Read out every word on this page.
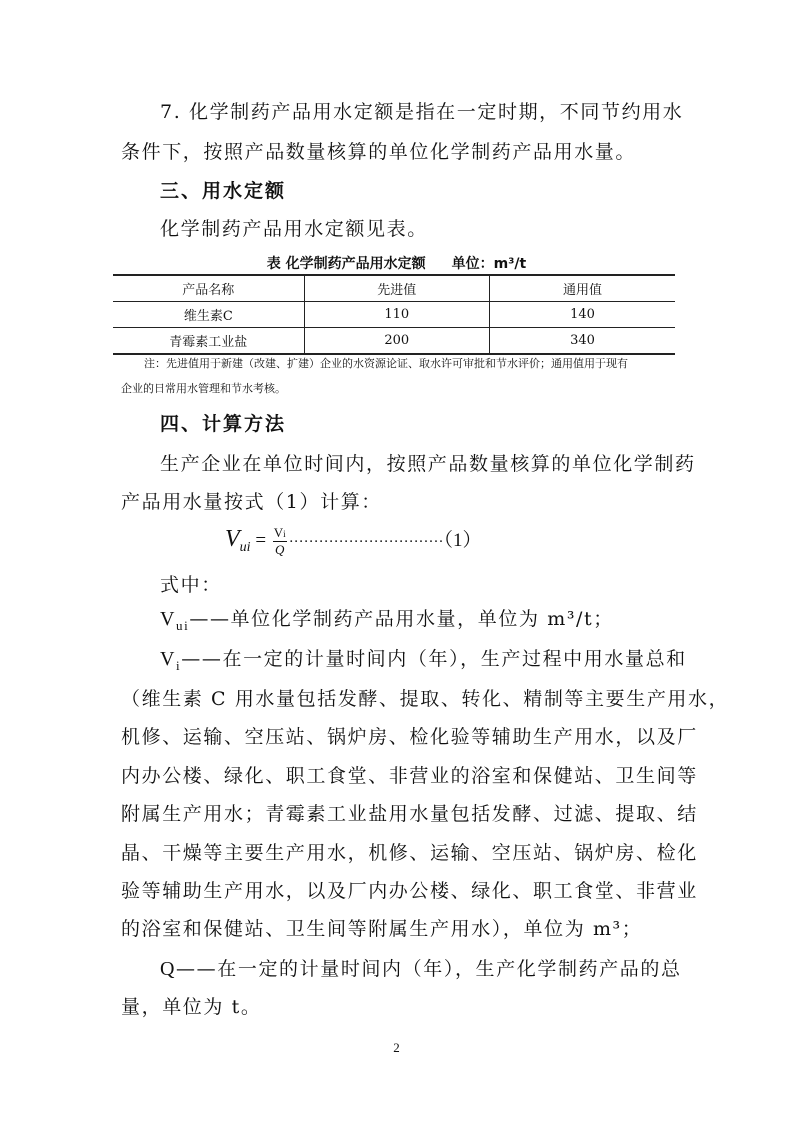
7. 化学制药产品用水定额是指在一定时期，不同节约用水
条件下，按照产品数量核算的单位化学制药产品用水量。
三、用水定额
化学制药产品用水定额见表。
表 化学制药产品用水定额 单位：m³/t
产品名称	先进值	通用值
维生素C	110	140
青霉素工业盐	200	340
注：先进值用于新建（改建、扩建）企业的水资源论证、取水许可审批和节水评价；通用值用于现有
企业的日常用水管理和节水考核。
四、计算方法
生产企业在单位时间内，按照产品数量核算的单位化学制药
产品用水量按式（1）计算：
$V_{ui} = \frac{Vi}{Q} \cdot\cdot\cdot\cdot\cdot\cdot\cdot\cdot\cdot\cdot\cdot\cdot\cdot\cdot\cdot\cdot\cdot\cdot\cdot\cdot\cdot\cdot\cdot\cdot\cdot\cdot\cdot\cdot\cdot\cdot\cdot(1)$
式中：
$V_{ui}——$单位化学制药产品用水量，单位为 m³/t；
$V_i——$在一定的计量时间内（年），生产过程中用水量总和
（维生素 C 用水量包括发酵、提取、转化、精制等主要生产用水，
机修、运输、空压站、锅炉房、检化验等辅助生产用水，以及厂
内办公楼、绿化、职工食堂、非营业的浴室和保健站、卫生间等
附属生产用水；青霉素工业盐用水量包括发酵、过滤、提取、结
晶、干燥等主要生产用水，机修、运输、空压站、锅炉房、检化
验等辅助生产用水，以及厂内办公楼、绿化、职工食堂、非营业
的浴室和保健站、卫生间等附属生产用水），单位为 m³；
Q——在一定的计量时间内（年），生产化学制药产品的总
量，单位为 t。
2
